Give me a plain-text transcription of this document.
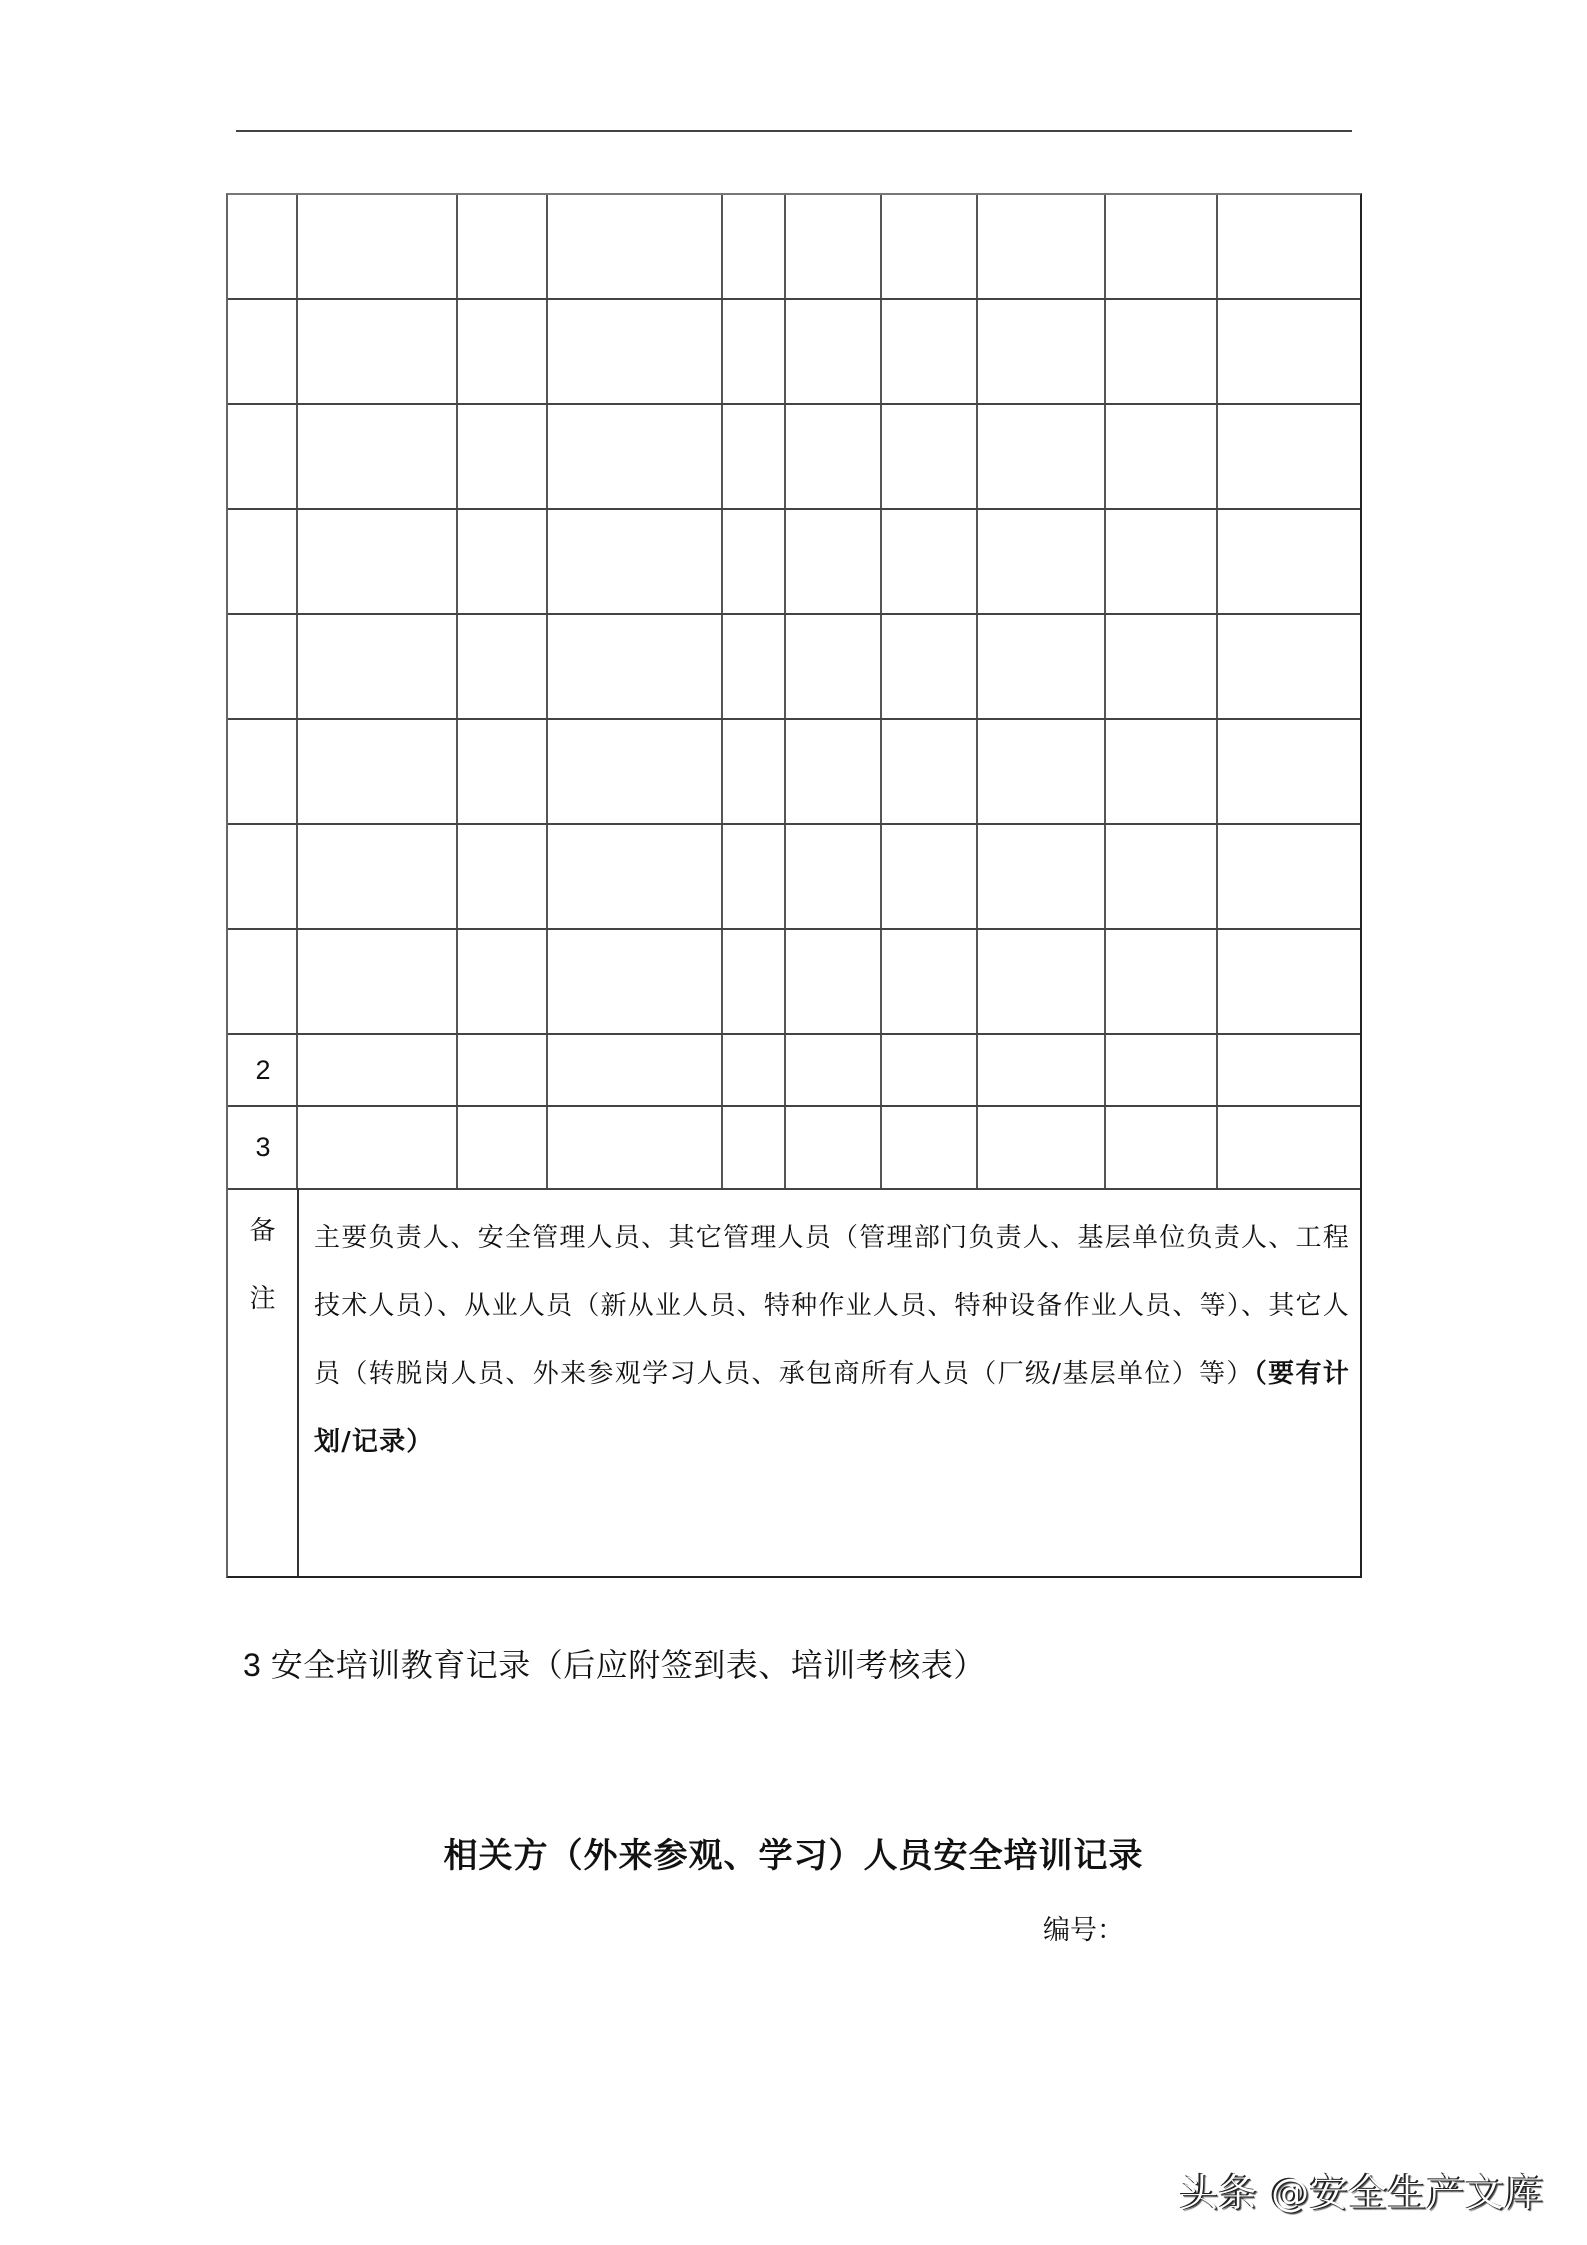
2
3
备
注
主要负责人、安全管理人员、其它管理人员（管理部门负责人、基层单位负责人、工程技术人员）、从业人员（新从业人员、特种作业人员、特种设备作业人员、等）、其它人员（转脱岗人员、外来参观学习人员、承包商所有人员（厂级/基层单位）等）（要有计划/记录）
3 安全培训教育记录（后应附签到表、培训考核表）
相关方（外来参观、学习）人员安全培训记录
编号：
头条 @安全生产文库
